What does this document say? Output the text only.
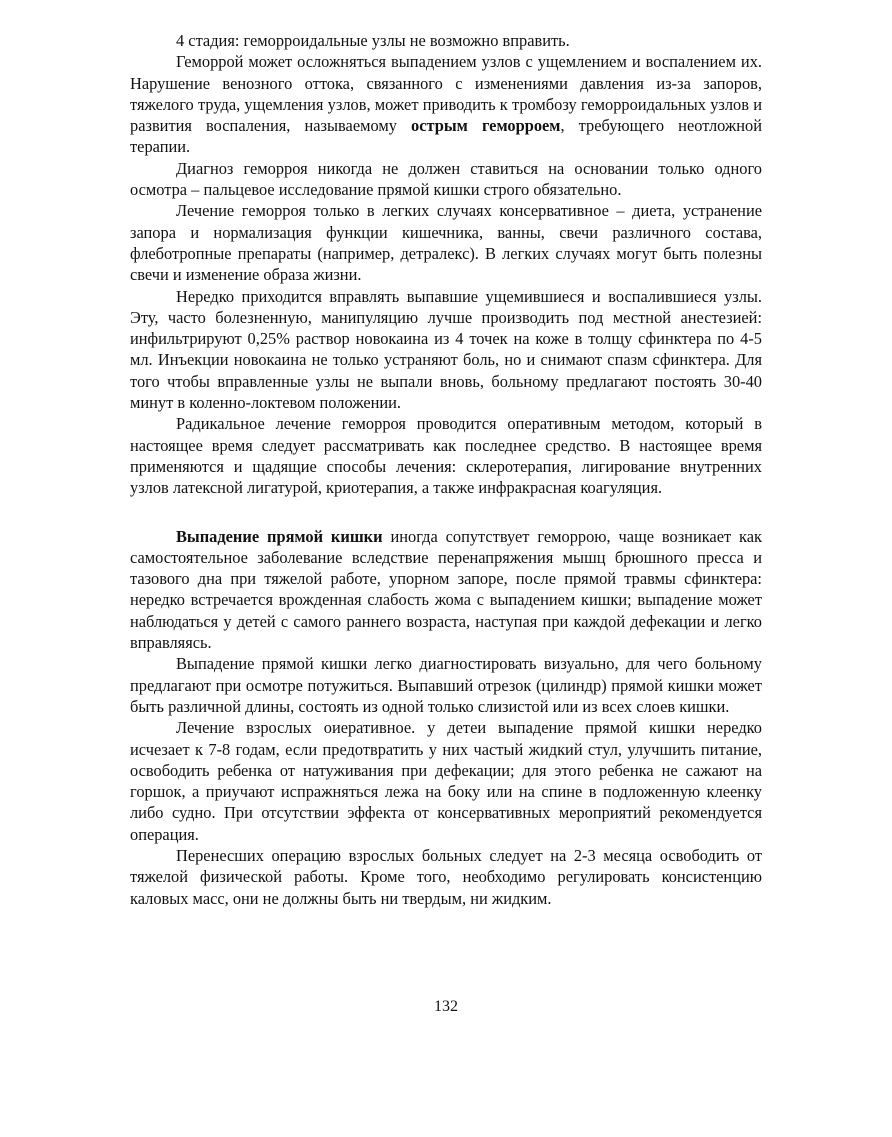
4 стадия: геморроидальные узлы не возможно вправить.

Геморрой может осложняться выпадением узлов с ущемлением и воспалением их. Нарушение венозного оттока, связанного с изменениями давления из-за запоров, тяжелого труда, ущемления узлов, может приводить к тромбозу геморроидальных узлов и развития воспаления, называемому острым геморроем, требующего неотложной терапии.

Диагноз геморроя никогда не должен ставиться на основании только одного осмотра – пальцевое исследование прямой кишки строго обязательно.

Лечение геморроя только в легких случаях консервативное – диета, устранение запора и нормализация функции кишечника, ванны, свечи различного состава, флеботропные препараты (например, детралекс). В легких случаях могут быть полезны свечи и изменение образа жизни.

Нередко приходится вправлять выпавшие ущемившиеся и воспалившиеся узлы. Эту, часто болезненную, манипуляцию лучше производить под местной анестезией: инфильтрируют 0,25% раствор новокаина из 4 точек на коже в толщу сфинктера по 4-5 мл. Инъекции новокаина не только устраняют боль, но и снимают спазм сфинктера. Для того чтобы вправленные узлы не выпали вновь, больному предлагают постоять 30-40 минут в коленно-локтевом положении.

Радикальное лечение геморроя проводится оперативным методом, который в настоящее время следует рассматривать как последнее средство. В настоящее время применяются и щадящие способы лечения: склеротерапия, лигирование внутренних узлов латексной лигатурой, криотерапия, а также инфракрасная коагуляция.

Выпадение прямой кишки иногда сопутствует геморрою, чаще возникает как самостоятельное заболевание вследствие перенапряжения мышц брюшного пресса и тазового дна при тяжелой работе, упорном запоре, после прямой травмы сфинктера: нередко встречается врожденная слабость жома с выпадением кишки; выпадение может наблюдаться у детей с самого раннего возраста, наступая при каждой дефекации и легко вправляясь.

Выпадение прямой кишки легко диагностировать визуально, для чего больному предлагают при осмотре потужиться. Выпавший отрезок (цилиндр) прямой кишки может быть различной длины, состоять из одной только слизистой или из всех слоев кишки.

Лечение взрослых оиеративное. у детеи выпадение прямой кишки нередко исчезает к 7-8 годам, если предотвратить у них частый жидкий стул, улучшить питание, освободить ребенка от натуживания при дефекации; для этого ребенка не сажают на горшок, а приучают испражняться лежа на боку или на спине в подложенную клеенку либо судно. При отсутствии эффекта от консервативных мероприятий рекомендуется операция.

Перенесших операцию взрослых больных следует на 2-3 месяца освободить от тяжелой физической работы. Кроме того, необходимо регулировать консистенцию каловых масс, они не должны быть ни твердым, ни жидким.

132
